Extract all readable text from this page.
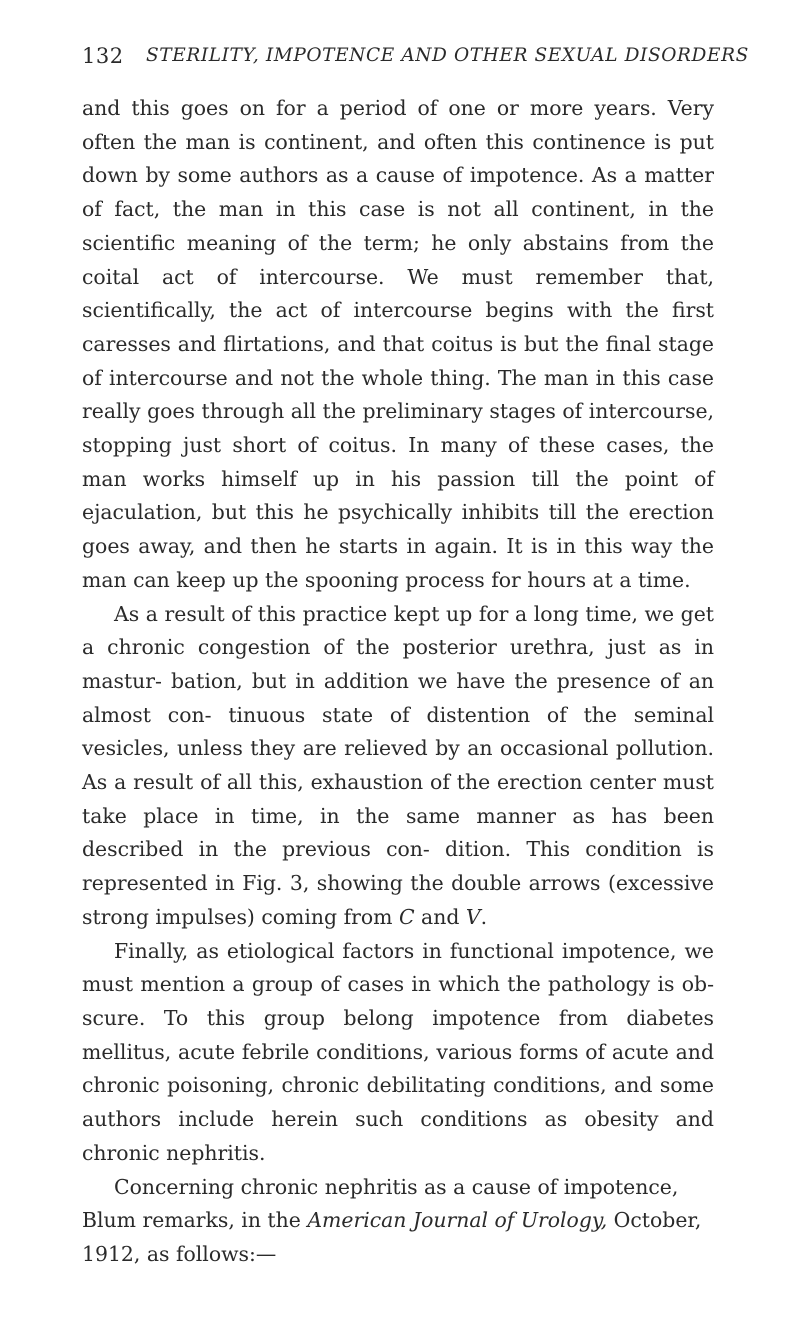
132 STERILITY, IMPOTENCE AND OTHER SEXUAL DISORDERS

and this goes on for a period of one or more years. Very often the man is continent, and often this continence is put down by some authors as a cause of impotence. As a matter of fact, the man in this case is not all continent, in the scientific meaning of the term; he only abstains from the coital act of intercourse. We must remember that, scientifically, the act of intercourse begins with the first caresses and flirtations, and that coitus is but the final stage of intercourse and not the whole thing. The man in this case really goes through all the preliminary stages of intercourse, stopping just short of coitus. In many of these cases, the man works himself up in his passion till the point of ejaculation, but this he psychically inhibits till the erection goes away, and then he starts in again. It is in this way the man can keep up the spooning process for hours at a time.

As a result of this practice kept up for a long time, we get a chronic congestion of the posterior urethra, just as in mastur- bation, but in addition we have the presence of an almost con- tinuous state of distention of the seminal vesicles, unless they are relieved by an occasional pollution. As a result of all this, exhaustion of the erection center must take place in time, in the same manner as has been described in the previous con- dition. This condition is represented in Fig. 3, showing the double arrows (excessive strong impulses) coming from C and V.

Finally, as etiological factors in functional impotence, we must mention a group of cases in which the pathology is ob- scure. To this group belong impotence from diabetes mellitus, acute febrile conditions, various forms of acute and chronic poisoning, chronic debilitating conditions, and some authors include herein such conditions as obesity and chronic nephritis.

Concerning chronic nephritis as a cause of impotence, Blum remarks, in the American Journal of Urology, October, 1912, as follows:—
